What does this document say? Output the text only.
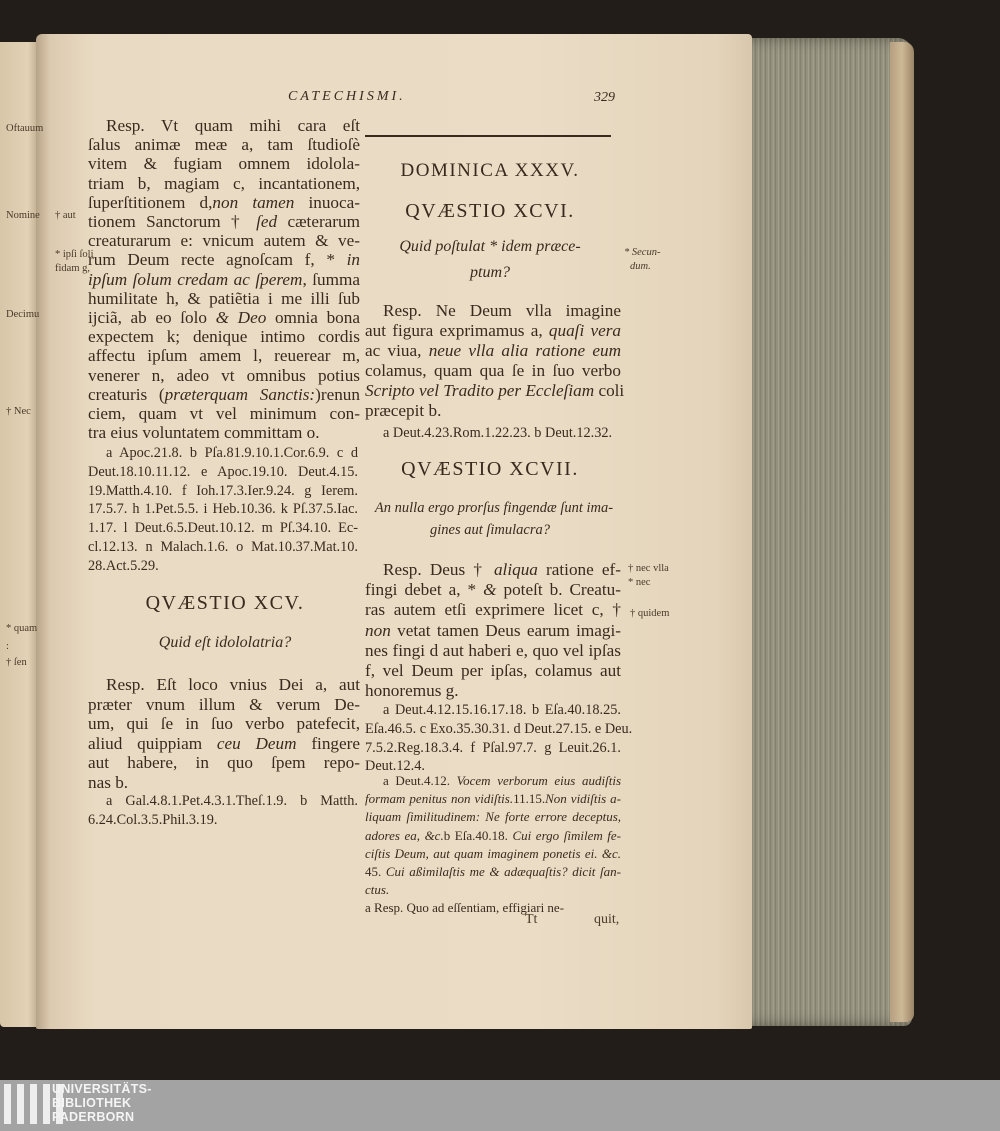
Oftauum
Nomine
Decimu
† Nec
* quam
:
† ſen
CATECHISMI.	329
Resp. Vt quam mihi cara eſt
ſalus animæ meæ a, tam ſtudioſè
vitem & fugiam omnem idolola-
triam b, magiam c, incantationem,
ſuperſtitionem d,non tamen inuoca-
tionem Sanctorum † ſed cæterarum
creaturarum e: vnicum autem & ve-
rum Deum recte agnoſcam f, * in
ipſum ſolum credam ac ſperem, ſumma
humilitate h, & patiẽtia i me illi ſub
ijciã, ab eo ſolo & Deo omnia bona
expectem k; denique intimo cordis
affectu ipſum amem l, reuerear m,
venerer n, adeo vt omnibus potius
creaturis (præterquam Sanctis:)renun
ciem, quam vt vel minimum con-
tra eius voluntatem committam o.
a Apoc.21.8. b Pſa.81.9.10.1.Cor.6.9. c d
Deut.18.10.11.12. e Apoc.19.10. Deut.4.15.
19.Matth.4.10. f Ioh.17.3.Ier.9.24. g Ierem.
17.5.7. h 1.Pet.5.5. i Heb.10.36. k Pſ.37.5.Iac.
1.17. l Deut.6.5.Deut.10.12. m Pſ.34.10. Ec-
cl.12.13. n Malach.1.6. o Mat.10.37.Mat.10.
28.Act.5.29.
QVÆSTIO XCV.
Quid eſt idololatria?
Resp. Eſt loco vnius Dei a, aut
præter vnum illum & verum De-
um, qui ſe in ſuo verbo patefecit,
aliud quippiam ceu Deum fingere
aut habere, in quo ſpem repo-
nas b.
a Gal.4.8.1.Pet.4.3.1.Theſ.1.9. b Matth.
6.24.Col.3.5.Phil.3.19.
† aut
* ipſi ſoli
fidam g,
DOMINICA XXXV.
QVÆSTIO XCVI.
Quid poſtulat * idem præce-
ptum?
Resp. Ne Deum vlla imagine
aut figura exprimamus a, quaſi vera
ac viua, neue vlla alia ratione eum
colamus, quam qua ſe in ſuo verbo
Scripto vel Tradito per Eccleſiam coli
præcepit b.
a Deut.4.23.Rom.1.22.23. b Deut.12.32.
QVÆSTIO XCVII.
An nulla ergo prorſus fingendæ ſunt ima-
gines aut ſimulacra?
Resp. Deus † aliqua ratione ef-
fingi debet a, * & poteſt b. Creatu-
ras autem etſi exprimere licet c, †
non vetat tamen Deus earum imagi-
nes fingi d aut haberi e, quo vel ipſas
f, vel Deum per ipſas, colamus aut
honoremus g.
a Deut.4.12.15.16.17.18. b Eſa.40.18.25.
Eſa.46.5. c Exo.35.30.31. d Deut.27.15. e Deu.
7.5.2.Reg.18.3.4. f Pſal.97.7. g Leuit.26.1.
Deut.12.4.
a Deut.4.12. Vocem verborum eius audiſtis
formam penitus non vidiſtis.11.15.Non vidiſtis a-
liquam ſimilitudinem: Ne forte errore deceptus,
adores ea, &c.b Eſa.40.18. Cui ergo ſimilem fe-
ciſtis Deum, aut quam imaginem ponetis ei. &c.
45. Cui aßimilaſtis me & adæquaſtis? dicit ſan-
ctus.
a Resp. Quo ad eſſentiam, effigiari ne-
Tt	quit,
* Secun-
dum.
† nec vlla
* nec
† quidem
UNIVERSITÄTS-
BIBLIOTHEK
PADERBORN
